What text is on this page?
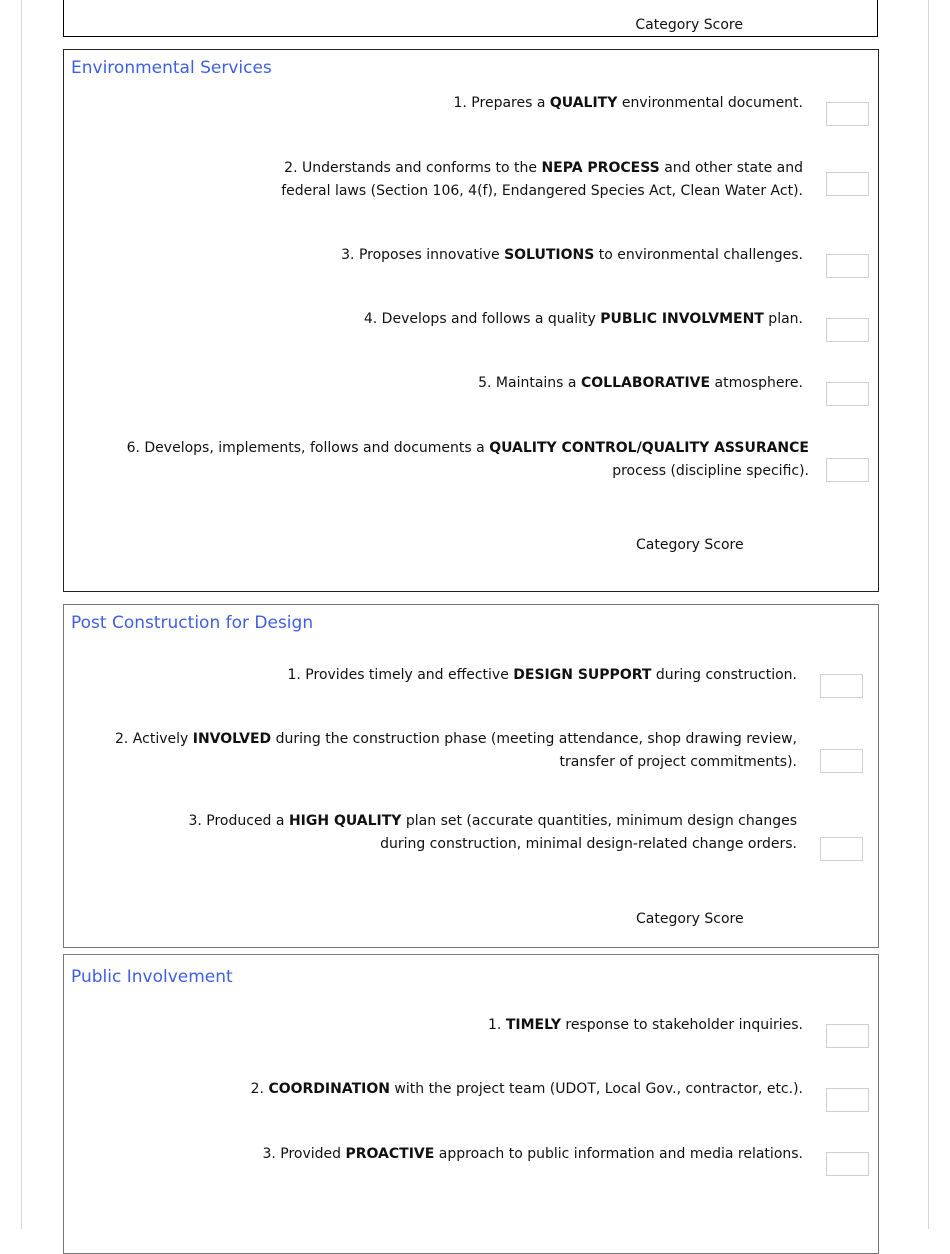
Category Score
Environmental Services
1. Prepares a QUALITY environmental document.
2. Understands and conforms to the NEPA PROCESS and other state and federal laws (Section 106, 4(f), Endangered Species Act, Clean Water Act).
3. Proposes innovative SOLUTIONS to environmental challenges.
4. Develops and follows a quality PUBLIC INVOLVMENT plan.
5. Maintains a COLLABORATIVE atmosphere.
6. Develops, implements, follows and documents a QUALITY CONTROL/QUALITY ASSURANCE process (discipline specific).
Category Score
Post Construction for Design
1. Provides timely and effective DESIGN SUPPORT during construction.
2. Actively INVOLVED during the construction phase (meeting attendance, shop drawing review, transfer of project commitments).
3. Produced a HIGH QUALITY plan set (accurate quantities, minimum design changes during construction, minimal design-related change orders.
Category Score
Public Involvement
1. TIMELY response to stakeholder inquiries.
2. COORDINATION with the project team (UDOT, Local Gov., contractor, etc.).
3. Provided PROACTIVE approach to public information and media relations.
